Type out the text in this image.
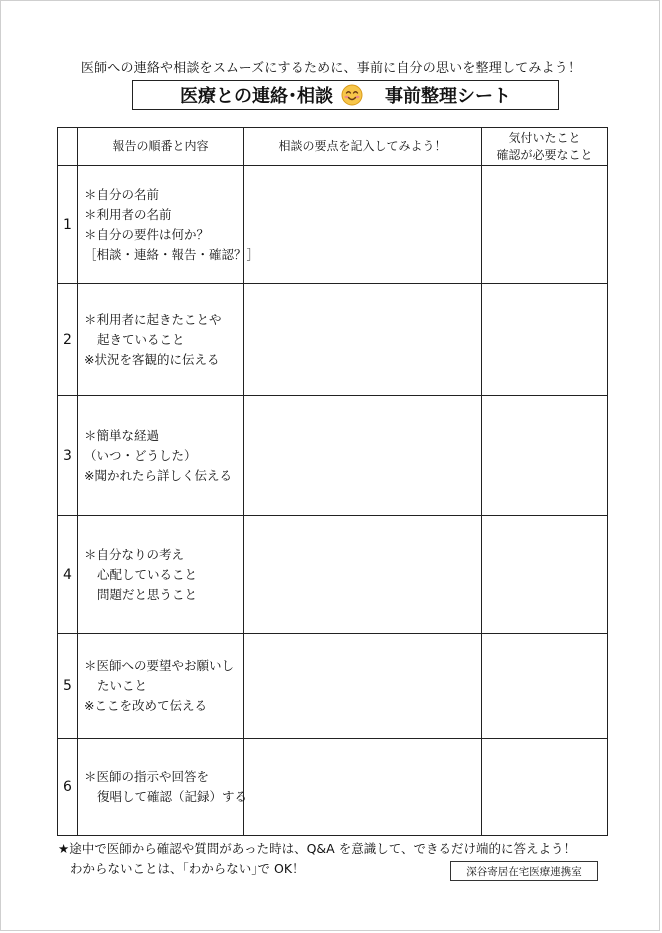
医師への連絡や相談をスムーズにするために、事前に自分の思いを整理してみよう！
医療との連絡･相談	事前整理シート
	報告の順番と内容	相談の要点を記入してみよう！	気付いたこと
確認が必要なこと

1	＊自分の名前
＊利用者の名前
＊自分の要件は何か？
［相談・連絡・報告・確認？］		

2	＊利用者に起きたことや
起きていること
※状況を客観的に伝える		

3	＊簡単な経過
（いつ・どうした）
※聞かれたら詳しく伝える		

4	＊自分なりの考え
心配していること
問題だと思うこと		

5	＊医師への要望やお願いし
たいこと
※ここを改めて伝える		

6	＊医師の指示や回答を
復唱して確認（記録）する		

★途中で医師から確認や質問があった時は、Q&A を意識して、できるだけ端的に答えよう！
わからないことは、｢わからない｣で OK！	深谷寄居在宅医療連携室
